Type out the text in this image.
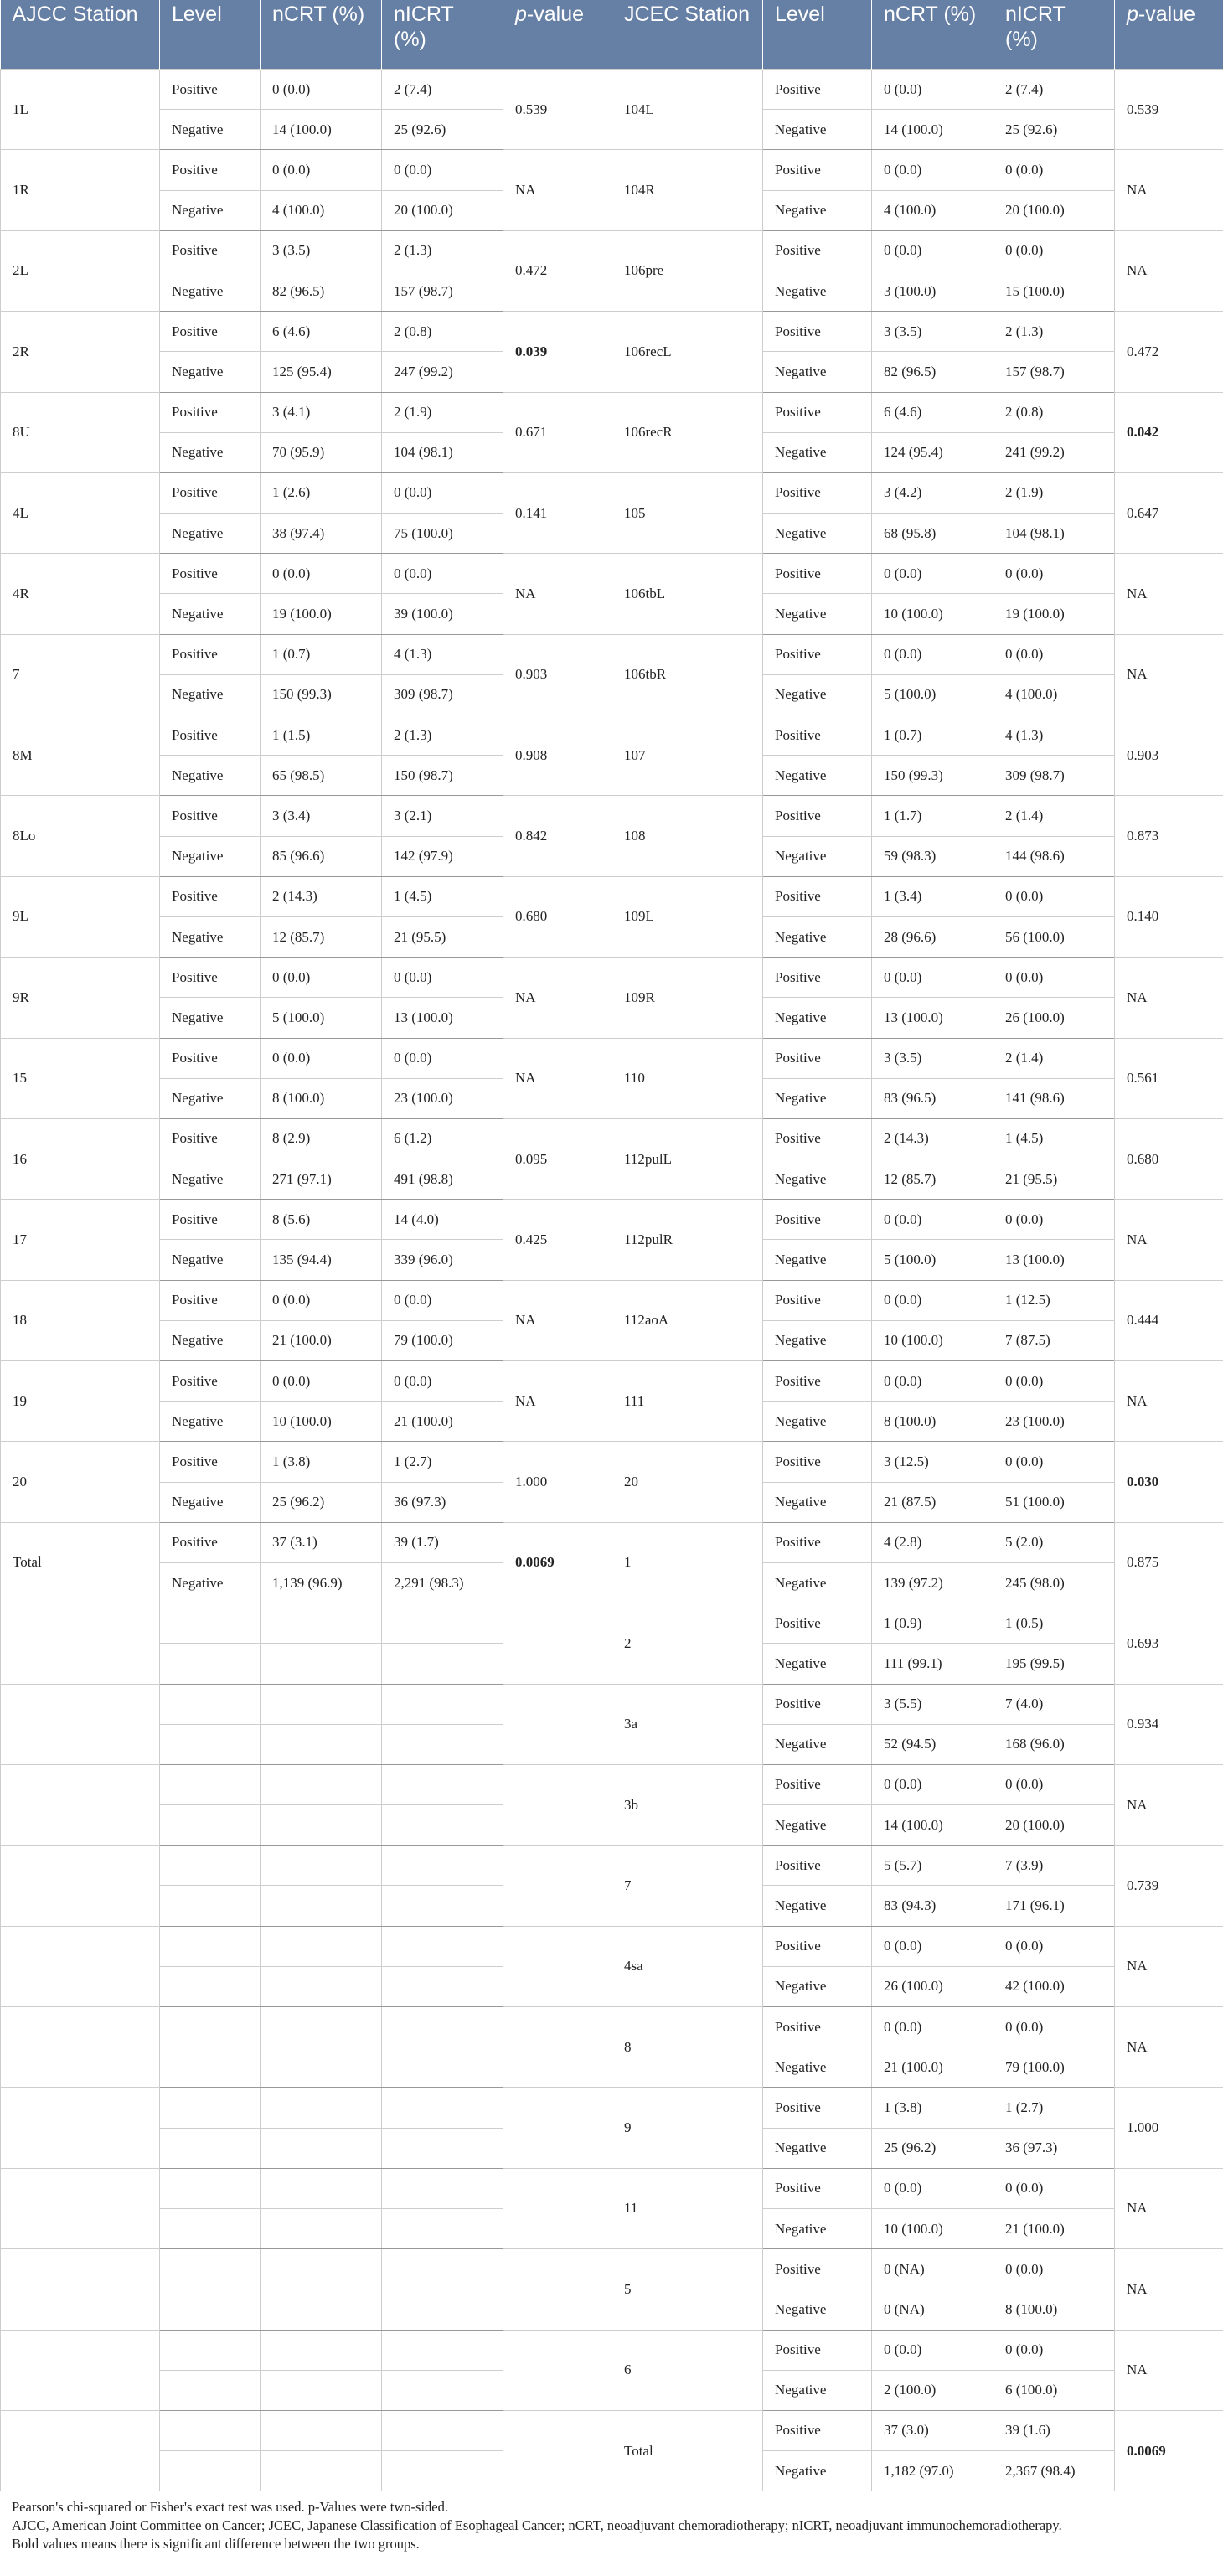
AJCC Station	Level	nCRT (%)	nICRT (%)	p-value	JCEC Station	Level	nCRT (%)	nICRT (%)	p-value
1L	Positive	0 (0.0)	2 (7.4)	0.539	104L	Positive	0 (0.0)	2 (7.4)	0.539
	Negative	14 (100.0)	25 (92.6)			Negative	14 (100.0)	25 (92.6)	
1R	Positive	0 (0.0)	0 (0.0)	NA	104R	Positive	0 (0.0)	0 (0.0)	NA
	Negative	4 (100.0)	20 (100.0)			Negative	4 (100.0)	20 (100.0)	
2L	Positive	3 (3.5)	2 (1.3)	0.472	106pre	Positive	0 (0.0)	0 (0.0)	NA
	Negative	82 (96.5)	157 (98.7)			Negative	3 (100.0)	15 (100.0)	
2R	Positive	6 (4.6)	2 (0.8)	0.039	106recL	Positive	3 (3.5)	2 (1.3)	0.472
	Negative	125 (95.4)	247 (99.2)			Negative	82 (96.5)	157 (98.7)	
8U	Positive	3 (4.1)	2 (1.9)	0.671	106recR	Positive	6 (4.6)	2 (0.8)	0.042
	Negative	70 (95.9)	104 (98.1)			Negative	124 (95.4)	241 (99.2)	
4L	Positive	1 (2.6)	0 (0.0)	0.141	105	Positive	3 (4.2)	2 (1.9)	0.647
	Negative	38 (97.4)	75 (100.0)			Negative	68 (95.8)	104 (98.1)	
4R	Positive	0 (0.0)	0 (0.0)	NA	106tbL	Positive	0 (0.0)	0 (0.0)	NA
	Negative	19 (100.0)	39 (100.0)			Negative	10 (100.0)	19 (100.0)	
7	Positive	1 (0.7)	4 (1.3)	0.903	106tbR	Positive	0 (0.0)	0 (0.0)	NA
	Negative	150 (99.3)	309 (98.7)			Negative	5 (100.0)	4 (100.0)	
8M	Positive	1 (1.5)	2 (1.3)	0.908	107	Positive	1 (0.7)	4 (1.3)	0.903
	Negative	65 (98.5)	150 (98.7)			Negative	150 (99.3)	309 (98.7)	
8Lo	Positive	3 (3.4)	3 (2.1)	0.842	108	Positive	1 (1.7)	2 (1.4)	0.873
	Negative	85 (96.6)	142 (97.9)			Negative	59 (98.3)	144 (98.6)	
9L	Positive	2 (14.3)	1 (4.5)	0.680	109L	Positive	1 (3.4)	0 (0.0)	0.140
	Negative	12 (85.7)	21 (95.5)			Negative	28 (96.6)	56 (100.0)	
9R	Positive	0 (0.0)	0 (0.0)	NA	109R	Positive	0 (0.0)	0 (0.0)	NA
	Negative	5 (100.0)	13 (100.0)			Negative	13 (100.0)	26 (100.0)	
15	Positive	0 (0.0)	0 (0.0)	NA	110	Positive	3 (3.5)	2 (1.4)	0.561
	Negative	8 (100.0)	23 (100.0)			Negative	83 (96.5)	141 (98.6)	
16	Positive	8 (2.9)	6 (1.2)	0.095	112pulL	Positive	2 (14.3)	1 (4.5)	0.680
	Negative	271 (97.1)	491 (98.8)			Negative	12 (85.7)	21 (95.5)	
17	Positive	8 (5.6)	14 (4.0)	0.425	112pulR	Positive	0 (0.0)	0 (0.0)	NA
	Negative	135 (94.4)	339 (96.0)			Negative	5 (100.0)	13 (100.0)	
18	Positive	0 (0.0)	0 (0.0)	NA	112aoA	Positive	0 (0.0)	1 (12.5)	0.444
	Negative	21 (100.0)	79 (100.0)			Negative	10 (100.0)	7 (87.5)	
19	Positive	0 (0.0)	0 (0.0)	NA	111	Positive	0 (0.0)	0 (0.0)	NA
	Negative	10 (100.0)	21 (100.0)			Negative	8 (100.0)	23 (100.0)	
20	Positive	1 (3.8)	1 (2.7)	1.000	20	Positive	3 (12.5)	0 (0.0)	0.030
	Negative	25 (96.2)	36 (97.3)			Negative	21 (87.5)	51 (100.0)	
Total	Positive	37 (3.1)	39 (1.7)	0.0069	1	Positive	4 (2.8)	5 (2.0)	0.875
	Negative	1,139 (96.9)	2,291 (98.3)			Negative	139 (97.2)	245 (98.0)	
					2	Positive	1 (0.9)	1 (0.5)	0.693
						Negative	111 (99.1)	195 (99.5)	
					3a	Positive	3 (5.5)	7 (4.0)	0.934
						Negative	52 (94.5)	168 (96.0)	
					3b	Positive	0 (0.0)	0 (0.0)	NA
						Negative	14 (100.0)	20 (100.0)	
					7	Positive	5 (5.7)	7 (3.9)	0.739
						Negative	83 (94.3)	171 (96.1)	
					4sa	Positive	0 (0.0)	0 (0.0)	NA
						Negative	26 (100.0)	42 (100.0)	
					8	Positive	0 (0.0)	0 (0.0)	NA
						Negative	21 (100.0)	79 (100.0)	
					9	Positive	1 (3.8)	1 (2.7)	1.000
						Negative	25 (96.2)	36 (97.3)	
					11	Positive	0 (0.0)	0 (0.0)	NA
						Negative	10 (100.0)	21 (100.0)	
					5	Positive	0 (NA)	0 (0.0)	NA
						Negative	0 (NA)	8 (100.0)	
					6	Positive	0 (0.0)	0 (0.0)	NA
						Negative	2 (100.0)	6 (100.0)	
					Total	Positive	37 (3.0)	39 (1.6)	0.0069
						Negative	1,182 (97.0)	2,367 (98.4)	

Pearson's chi-squared or Fisher's exact test was used. p-Values were two-sided.

AJCC, American Joint Committee on Cancer; JCEC, Japanese Classification of Esophageal Cancer; nCRT, neoadjuvant chemoradiotherapy; nICRT, neoadjuvant immunochemoradiotherapy.

Bold values means there is significant difference between the two groups.
